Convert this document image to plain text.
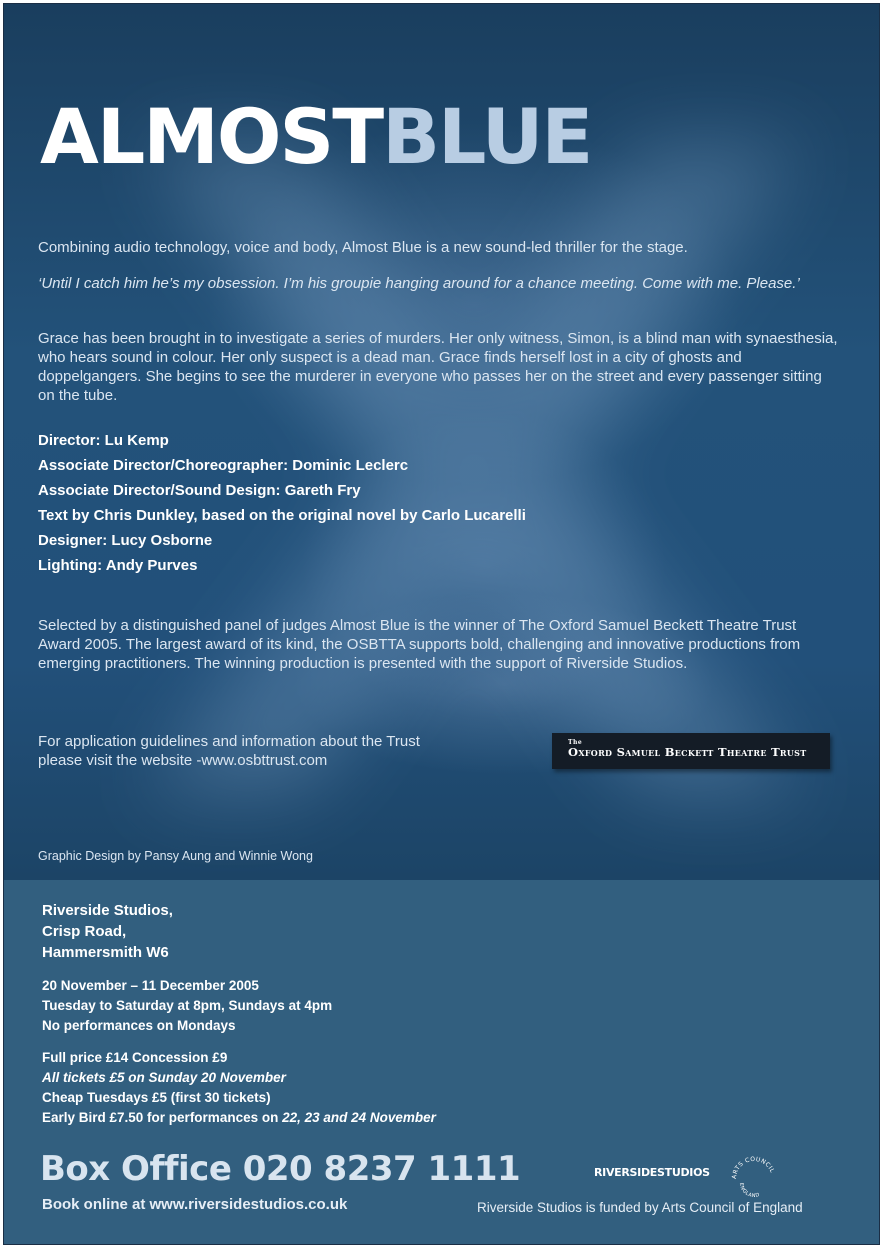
ALMOSTBLUE

Combining audio technology, voice and body, Almost Blue is a new sound-led thriller for the stage.

‘Until I catch him he’s my obsession. I’m his groupie hanging around for a chance meeting. Come with me. Please.’

Grace has been brought in to investigate a series of murders. Her only witness, Simon, is a blind man with synaesthesia, who hears sound in colour. Her only suspect is a dead man. Grace finds herself lost in a city of ghosts and doppelgangers. She begins to see the murderer in everyone who passes her on the street and every passenger sitting on the tube.

Director: Lu Kemp
Associate Director/Choreographer: Dominic Leclerc
Associate Director/Sound Design: Gareth Fry
Text by Chris Dunkley, based on the original novel by Carlo Lucarelli
Designer: Lucy Osborne
Lighting: Andy Purves

Selected by a distinguished panel of judges Almost Blue is the winner of The Oxford Samuel Beckett Theatre Trust Award 2005. The largest award of its kind, the OSBTTA supports bold, challenging and innovative productions from emerging practitioners. The winning production is presented with the support of Riverside Studios.

For application guidelines and information about the Trust
please visit the website -www.osbttrust.com
The
Oxford Samuel Beckett Theatre Trust
Graphic Design by Pansy Aung and Winnie Wong
Riverside Studios,
Crisp Road,
Hammersmith W6
20 November – 11 December 2005
Tuesday to Saturday at 8pm, Sundays at 4pm
No performances on Mondays
Full price £14 Concession £9
All tickets £5 on Sunday 20 November
Cheap Tuesdays £5 (first 30 tickets)
Early Bird £7.50 for performances on 22, 23 and 24 November
Box Office 020 8237 1111
Book online at www.riversidestudios.co.uk
RIVERSIDESTUDIOS	ARTS COUNCIL
ENGLAND
Riverside Studios is funded by Arts Council of England
